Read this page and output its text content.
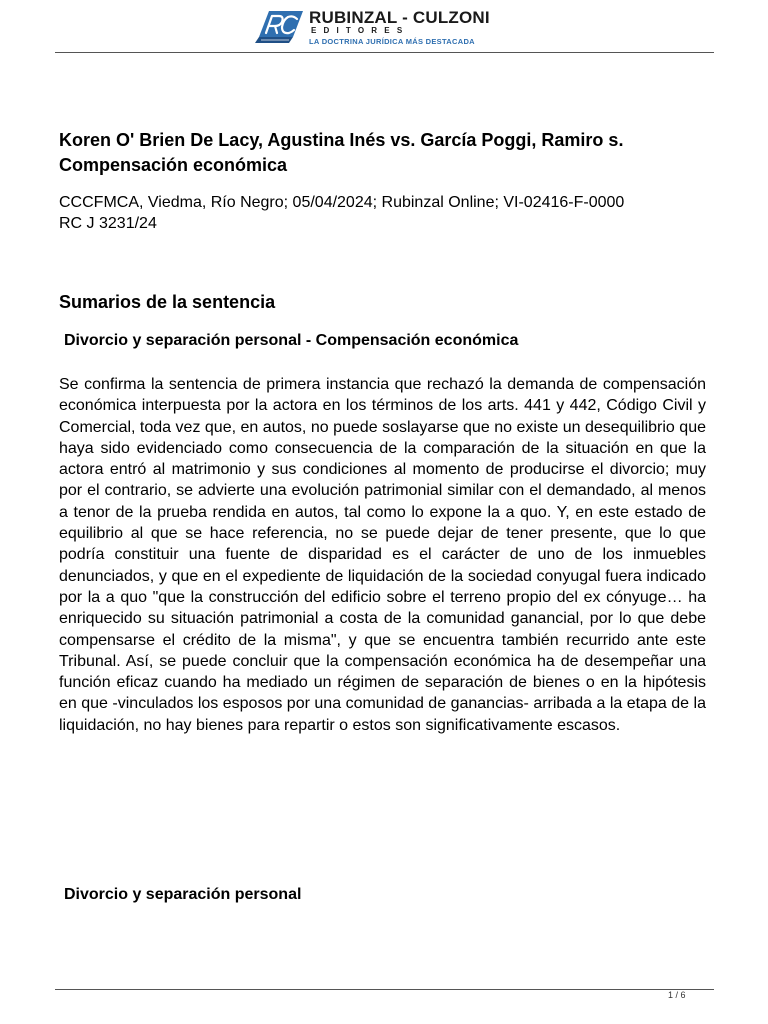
RUBINZAL - CULZONI
EDITORES
LA DOCTRINA JURÍDICA MÁS DESTACADA
Koren O' Brien De Lacy, Agustina Inés vs. García Poggi, Ramiro s. Compensación económica
CCCFMCA, Viedma, Río Negro; 05/04/2024; Rubinzal Online; VI-02416-F-0000
RC J 3231/24
Sumarios de la sentencia
Divorcio y separación personal - Compensación económica

Se confirma la sentencia de primera instancia que rechazó la demanda de compensación económica interpuesta por la actora en los términos de los arts. 441 y 442, Código Civil y Comercial, toda vez que, en autos, no puede soslayarse que no existe un desequilibrio que haya sido evidenciado como consecuencia de la comparación de la situación en que la actora entró al matrimonio y sus condiciones al momento de producirse el divorcio; muy por el contrario, se advierte una evolución patrimonial similar con el demandado, al menos a tenor de la prueba rendida en autos, tal como lo expone la a quo. Y, en este estado de equilibrio al que se hace referencia, no se puede dejar de tener presente, que lo que podría constituir una fuente de disparidad es el carácter de uno de los inmuebles denunciados, y que en el expediente de liquidación de la sociedad conyugal fuera indicado por la a quo "que la construcción del edificio sobre el terreno propio del ex cónyuge… ha enriquecido su situación patrimonial a costa de la comunidad ganancial, por lo que debe compensarse el crédito de la misma", y que se encuentra también recurrido ante este Tribunal. Así, se puede concluir que la compensación económica ha de desempeñar una función eficaz cuando ha mediado un régimen de separación de bienes o en la hipótesis en que -vinculados los esposos por una comunidad de ganancias- arribada a la etapa de la liquidación, no hay bienes para repartir o estos son significativamente escasos.

Divorcio y separación personal
1 / 6
